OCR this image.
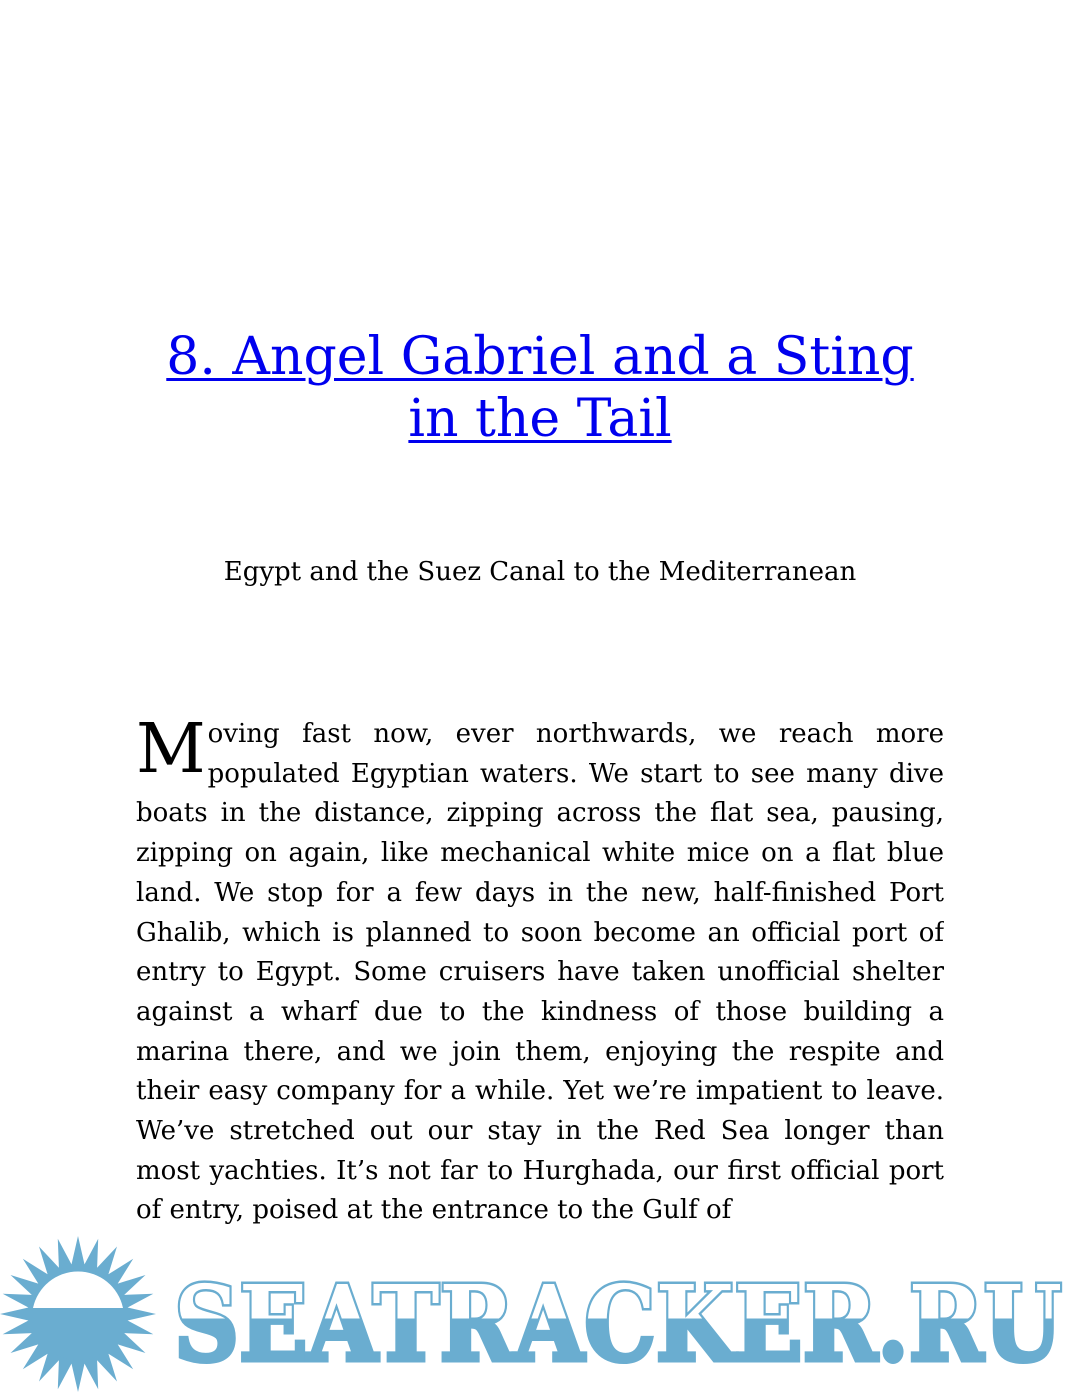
8. Angel Gabriel and a Sting in the Tail

Egypt and the Suez Canal to the Mediterranean

Moving fast now, ever northwards, we reach more populated Egyptian waters. We start to see many dive boats in the distance, zipping across the flat sea, pausing, zipping on again, like mechanical white mice on a flat blue land. We stop for a few days in the new, half-finished Port Ghalib, which is planned to soon become an official port of entry to Egypt. Some cruisers have taken unofficial shelter against a wharf due to the kindness of those building a marina there, and we join them, enjoying the respite and their easy company for a while. Yet we’re impatient to leave. We’ve stretched out our stay in the Red Sea longer than most yachties. It’s not far to Hurghada, our first official port of entry, poised at the entrance to the Gulf of

SEATRACKER.RU
